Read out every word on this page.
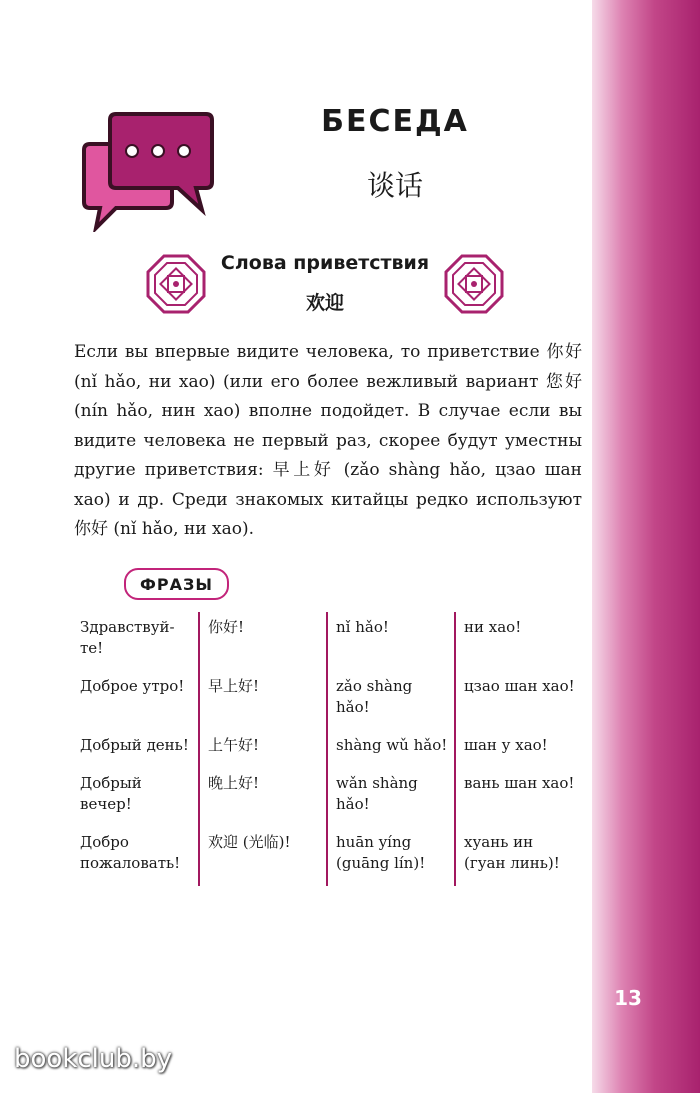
БЕСЕДА
13
БЕСЕДА
谈话
Слова приветствия
欢迎

Если вы впервые видите человека, то приветствие 你好 (nǐ hǎo, ни хао) (или его более вежливый вариант 您好 (nín hǎo, нин хао) вполне подойдет. В случае если вы видите человека не первый раз, скорее будут уместны другие приветствия: 早上好 (zǎo shàng hǎo, цзао шан хао) и др. Среди знакомых китайцы редко используют 你好 (nǐ hǎo, ни хао).

ФРАЗЫ
Здравствуй-те!	你好!	nǐ hǎo!	ни хао!
Доброе утро!	早上好!	zǎo shàng hǎo!	цзао шан хао!
Добрый день!	上午好!	shàng wǔ hǎo!	шан у хао!
Добрый вечер!	晚上好!	wǎn shàng hǎo!	вань шан хао!
Добро пожаловать!	欢迎 (光临)!	huān yíng (guāng lín)!	хуань ин (гуан линь)!
bookclub.by
